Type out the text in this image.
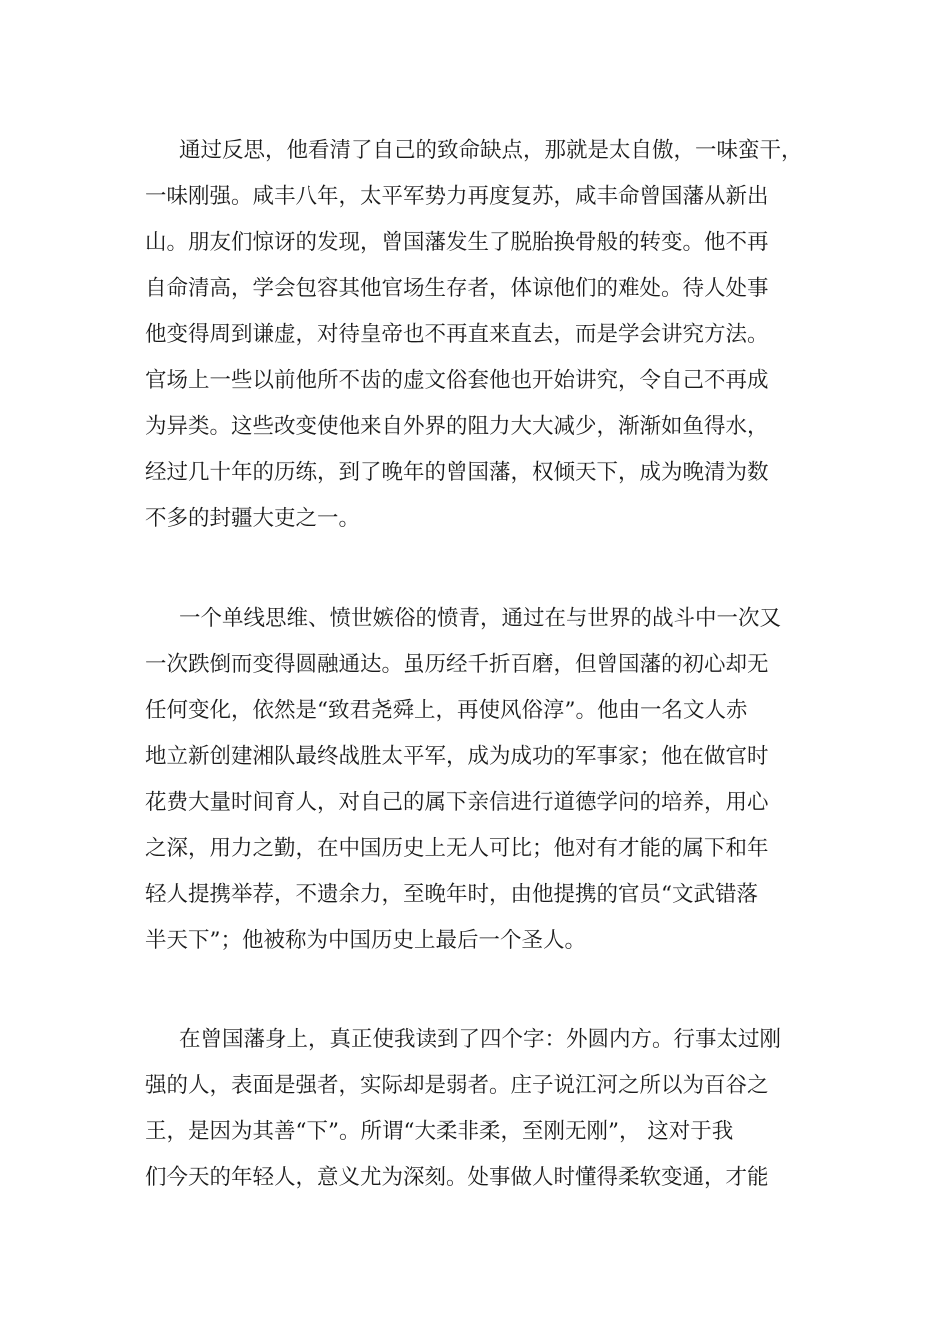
通过反思，他看清了自己的致命缺点，那就是太自傲，一味蛮干，
一味刚强。咸丰八年，太平军势力再度复苏，咸丰命曾国藩从新出
山。朋友们惊讶的发现，曾国藩发生了脱胎换骨般的转变。他不再
自命清高，学会包容其他官场生存者，体谅他们的难处。待人处事
他变得周到谦虚，对待皇帝也不再直来直去，而是学会讲究方法。
官场上一些以前他所不齿的虚文俗套他也开始讲究，令自己不再成
为异类。这些改变使他来自外界的阻力大大减少，渐渐如鱼得水，
经过几十年的历练，到了晚年的曾国藩，权倾天下，成为晚清为数
不多的封疆大吏之一。
一个单线思维、愤世嫉俗的愤青，通过在与世界的战斗中一次又
一次跌倒而变得圆融通达。虽历经千折百磨，但曾国藩的初心却无
任何变化，依然是“致君尧舜上，再使风俗淳”。他由一名文人赤
地立新创建湘队最终战胜太平军，成为成功的军事家；他在做官时
花费大量时间育人，对自己的属下亲信进行道德学问的培养，用心
之深，用力之勤，在中国历史上无人可比；他对有才能的属下和年
轻人提携举荐，不遗余力，至晚年时，由他提携的官员“文武错落
半天下”；他被称为中国历史上最后一个圣人。
在曾国藩身上，真正使我读到了四个字：外圆内方。行事太过刚
强的人，表面是强者，实际却是弱者。庄子说江河之所以为百谷之
王，是因为其善“下”。所谓“大柔非柔，至刚无刚”， 这对于我
们今天的年轻人，意义尤为深刻。处事做人时懂得柔软变通，才能
